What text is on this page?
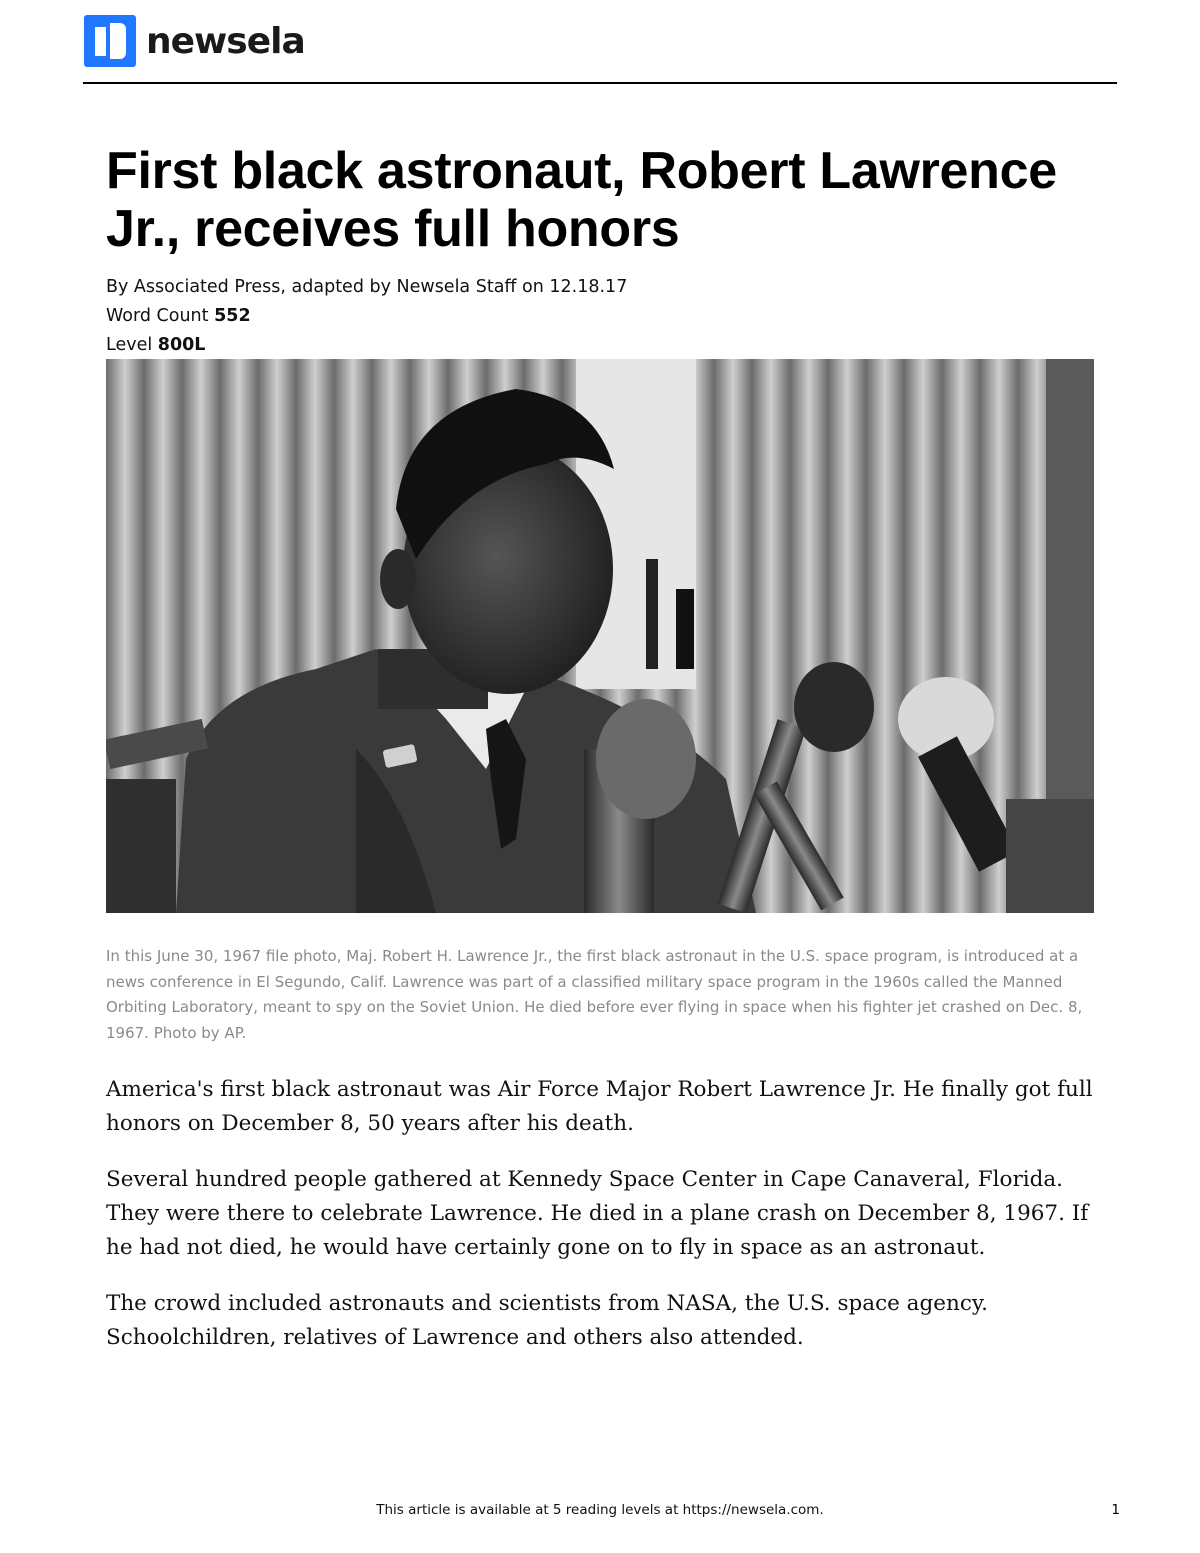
newsela
First black astronaut, Robert Lawrence Jr., receives full honors
By Associated Press, adapted by Newsela Staff on 12.18.17
Word Count 552
Level 800L

In this June 30, 1967 file photo, Maj. Robert H. Lawrence Jr., the first black astronaut in the U.S. space program, is introduced at a news conference in El Segundo, Calif. Lawrence was part of a classified military space program in the 1960s called the Manned Orbiting Laboratory, meant to spy on the Soviet Union. He died before ever flying in space when his fighter jet crashed on Dec. 8, 1967. Photo by AP.

America's first black astronaut was Air Force Major Robert Lawrence Jr. He finally got full honors on December 8, 50 years after his death.

Several hundred people gathered at Kennedy Space Center in Cape Canaveral, Florida. They were there to celebrate Lawrence. He died in a plane crash on December 8, 1967. If he had not died, he would have certainly gone on to fly in space as an astronaut.

The crowd included astronauts and scientists from NASA, the U.S. space agency. Schoolchildren, relatives of Lawrence and others also attended.

This article is available at 5 reading levels at https://newsela.com.	1
